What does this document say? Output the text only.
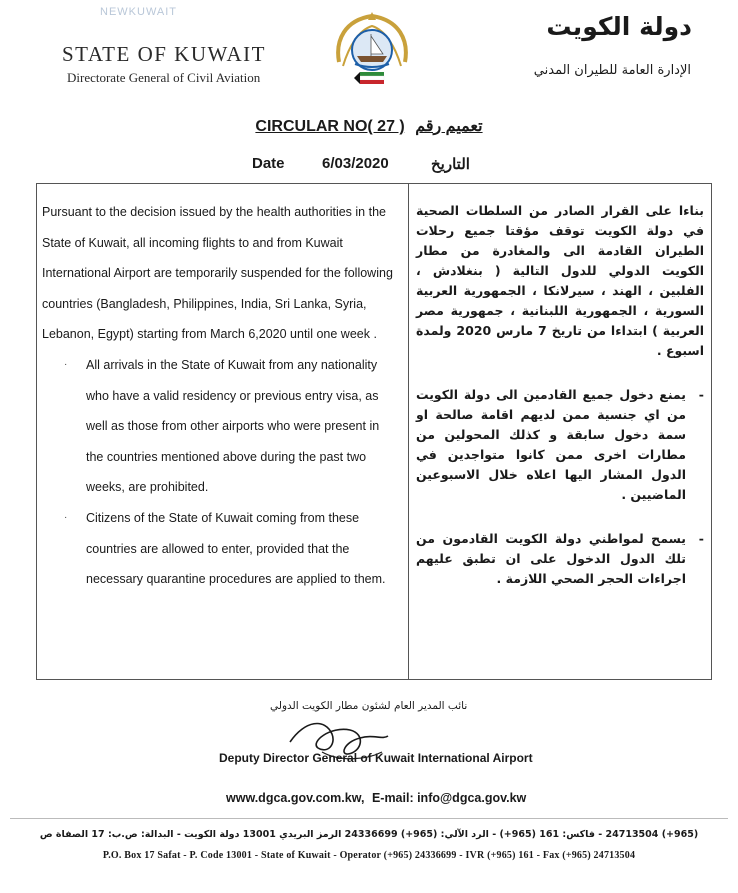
NEWKUWAIT
STATE OF KUWAIT
Directorate General of Civil Aviation
دولة الكويت
الإدارة العامة للطيران المدني
CIRCULAR NO( 27 ) تعميم رقم
Date 6/03/2020	التاريخ

Pursuant to the decision issued by the health authorities in the State of Kuwait, all incoming flights to and from Kuwait International Airport are temporarily suspended for the following countries (Bangladesh, Philippines, India, Sri Lanka, Syria, Lebanon, Egypt) starting from March 6,2020 until one week .

· All arrivals in the State of Kuwait from any nationality who have a valid residency or previous entry visa, as well as those from other airports who were present in the countries mentioned above during the past two weeks, are prohibited.

· Citizens of the State of Kuwait coming from these countries are allowed to enter, provided that the necessary quarantine procedures are applied to them.

بناءا على القرار الصادر من السلطات الصحية في دولة الكويت توقف مؤقتا جميع رحلات الطيران القادمة الى والمغادرة من مطار الكويت الدولي للدول التالية ( بنغلادش ، الفلبين ، الهند ، سيرلانكا ، الجمهورية العربية السورية ، الجمهورية اللبنانية ، جمهورية مصر العربية ) ابتداءا من تاريخ 7 مارس 2020 ولمدة اسبوع .

-
يمنع دخول جميع القادمين الى دولة الكويت من اي جنسية ممن لديهم اقامة صالحة او سمة دخول سابقة و كذلك المحولين من مطارات اخرى ممن كانوا متواجدين في الدول المشار اليها اعلاه خلال الاسبوعين الماضيين .

-
يسمح لمواطني دولة الكويت القادمون من تلك الدول الدخول على ان تطبق عليهم اجراءات الحجر الصحي اللازمة .

نائب المدير العام لشئون مطار الكويت الدولي
Deputy Director General of Kuwait International Airport
www.dgca.gov.com.kw, E-mail: info@dgca.gov.kw
(965+) 24713504 - فاكس: 161 (965+) - الرد الآلي: (965+) 24336699 الرمز البريدي 13001 دولة الكويت - البدالة: ص.ب: 17 الصفاة ص
P.O. Box 17 Safat - P. Code 13001 - State of Kuwait - Operator (+965) 24336699 - IVR (+965) 161 - Fax (+965) 24713504
